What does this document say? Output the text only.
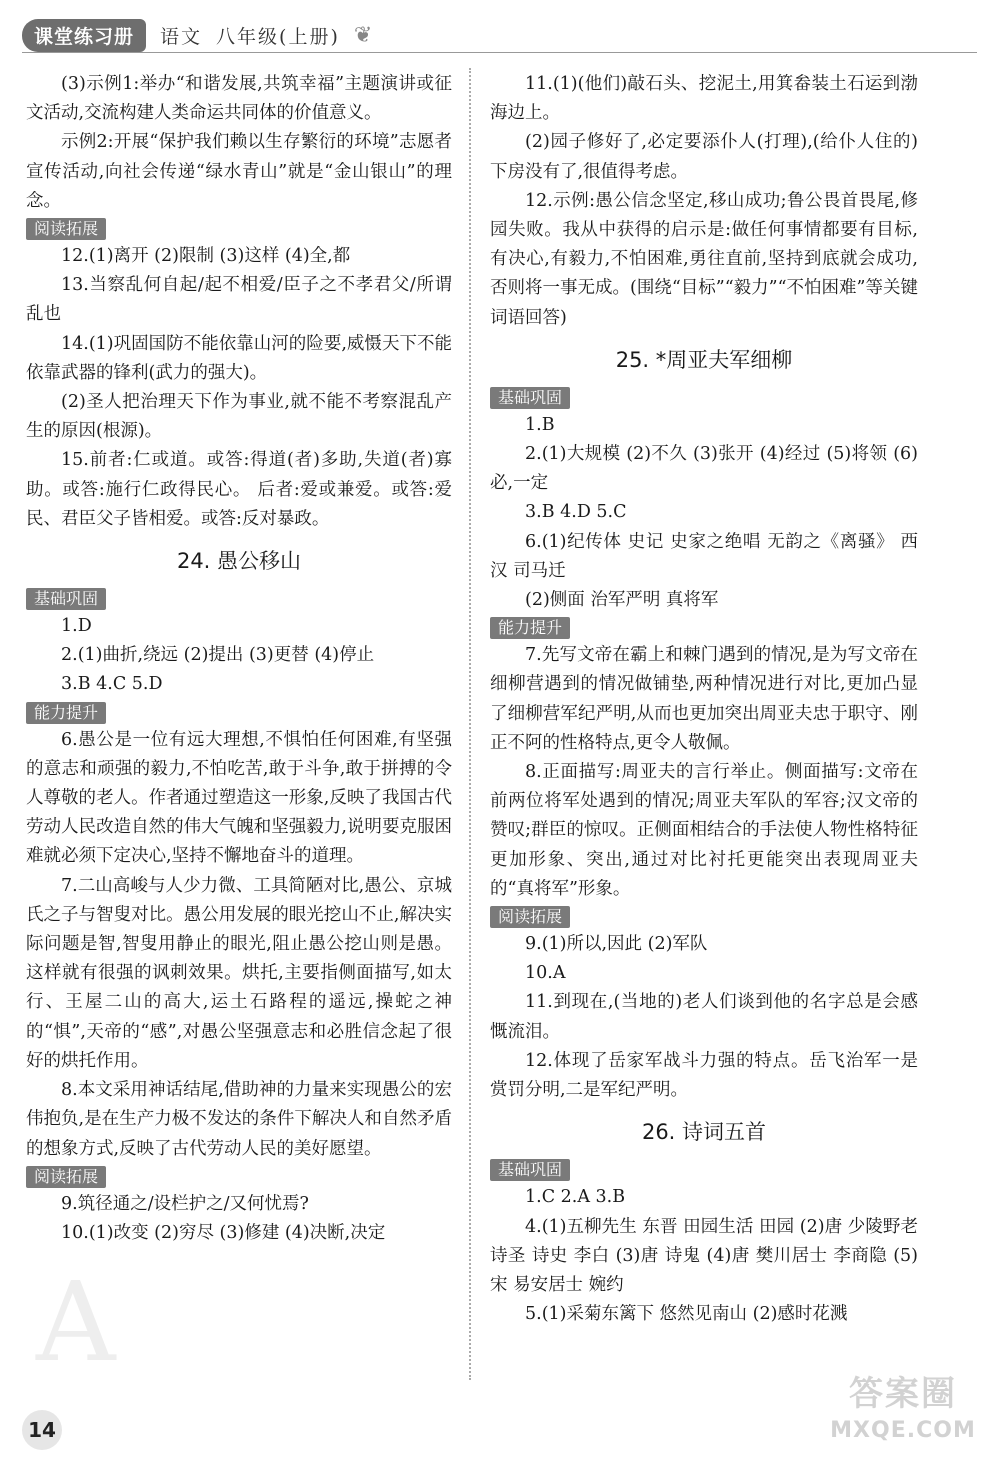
课堂练习册	语文 八年级(上册) ❦
A

(3)示例1:举办“和谐发展,共筑幸福”主题演讲或征文活动,交流构建人类命运共同体的价值意义。

示例2:开展“保护我们赖以生存繁衍的环境”志愿者宣传活动,向社会传递“绿水青山”就是“金山银山”的理念。

阅读拓展

12.(1)离开 (2)限制 (3)这样 (4)全,都

13.当察乱何自起/起不相爱/臣子之不孝君父/所谓乱也

14.(1)巩固国防不能依靠山河的险要,威慑天下不能依靠武器的锋利(武力的强大)。

(2)圣人把治理天下作为事业,就不能不考察混乱产生的原因(根源)。

15.前者:仁或道。或答:得道(者)多助,失道(者)寡助。或答:施行仁政得民心。 后者:爱或兼爱。或答:爱民、君臣父子皆相爱。或答:反对暴政。

24. 愚公移山
基础巩固

1.D

2.(1)曲折,绕远 (2)提出 (3)更替 (4)停止

3.B 4.C 5.D

能力提升

6.愚公是一位有远大理想,不惧怕任何困难,有坚强的意志和顽强的毅力,不怕吃苦,敢于斗争,敢于拼搏的令人尊敬的老人。作者通过塑造这一形象,反映了我国古代劳动人民改造自然的伟大气魄和坚强毅力,说明要克服困难就必须下定决心,坚持不懈地奋斗的道理。

7.二山高峻与人少力微、工具简陋对比,愚公、京城氏之子与智叟对比。愚公用发展的眼光挖山不止,解决实际问题是智,智叟用静止的眼光,阻止愚公挖山则是愚。这样就有很强的讽刺效果。烘托,主要指侧面描写,如太行、王屋二山的高大,运土石路程的遥远,操蛇之神的“惧”,天帝的“感”,对愚公坚强意志和必胜信念起了很好的烘托作用。

8.本文采用神话结尾,借助神的力量来实现愚公的宏伟抱负,是在生产力极不发达的条件下解决人和自然矛盾的想象方式,反映了古代劳动人民的美好愿望。

阅读拓展

9.筑径通之/设栏护之/又何忧焉?

10.(1)改变 (2)穷尽 (3)修建 (4)决断,决定

11.(1)(他们)敲石头、挖泥土,用箕畚装土石运到渤海边上。

(2)园子修好了,必定要添仆人(打理),(给仆人住的)下房没有了,很值得考虑。

12.示例:愚公信念坚定,移山成功;鲁公畏首畏尾,修园失败。我从中获得的启示是:做任何事情都要有目标,有决心,有毅力,不怕困难,勇往直前,坚持到底就会成功,否则将一事无成。(围绕“目标”“毅力”“不怕困难”等关键词语回答)

25. *周亚夫军细柳
基础巩固

1.B

2.(1)大规模 (2)不久 (3)张开 (4)经过 (5)将领 (6)必,一定

3.B 4.D 5.C

6.(1)纪传体 史记 史家之绝唱 无韵之《离骚》 西汉 司马迁

(2)侧面 治军严明 真将军

能力提升

7.先写文帝在霸上和棘门遇到的情况,是为写文帝在细柳营遇到的情况做铺垫,两种情况进行对比,更加凸显了细柳营军纪严明,从而也更加突出周亚夫忠于职守、刚正不阿的性格特点,更令人敬佩。

8.正面描写:周亚夫的言行举止。侧面描写:文帝在前两位将军处遇到的情况;周亚夫军队的军容;汉文帝的赞叹;群臣的惊叹。正侧面相结合的手法使人物性格特征更加形象、突出,通过对比衬托更能突出表现周亚夫的“真将军”形象。

阅读拓展

9.(1)所以,因此 (2)军队

10.A

11.到现在,(当地的)老人们谈到他的名字总是会感慨流泪。

12.体现了岳家军战斗力强的特点。岳飞治军一是赏罚分明,二是军纪严明。

26. 诗词五首
基础巩固

1.C 2.A 3.B

4.(1)五柳先生 东晋 田园生活 田园 (2)唐 少陵野老 诗圣 诗史 李白 (3)唐 诗鬼 (4)唐 樊川居士 李商隐 (5)宋 易安居士 婉约

5.(1)采菊东篱下 悠然见南山 (2)感时花溅

14
答案圈
MXQE.COM
